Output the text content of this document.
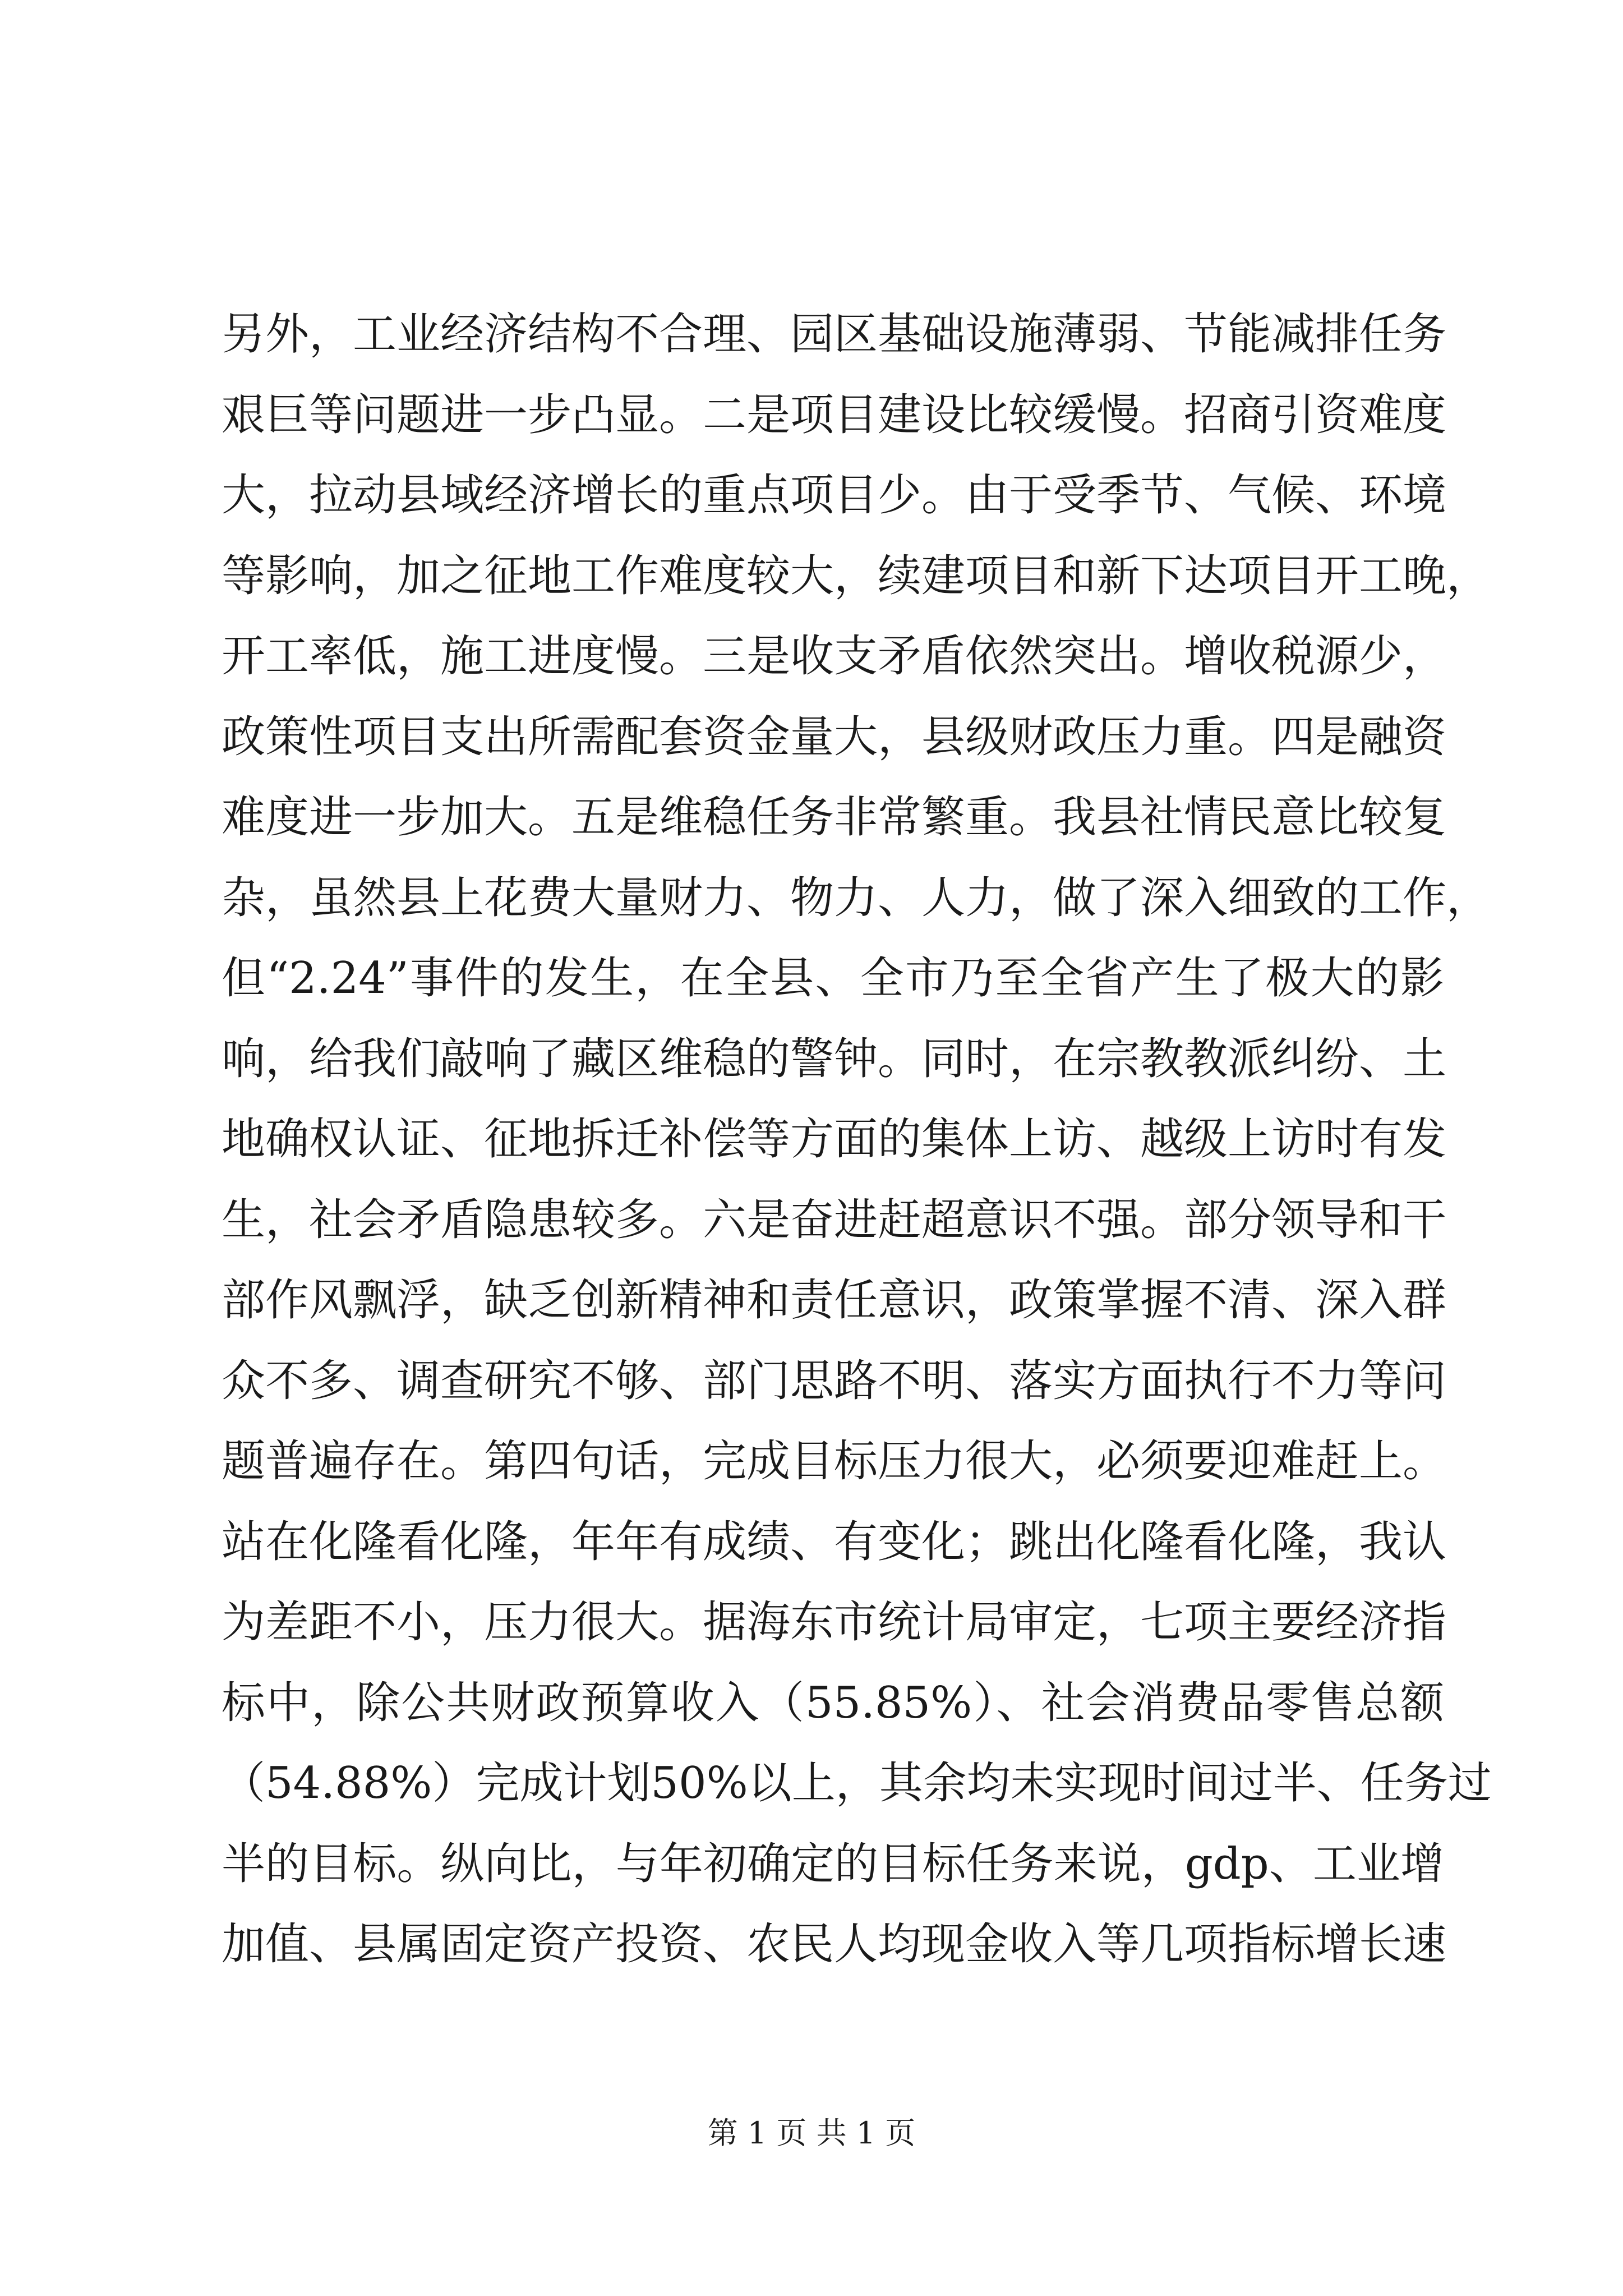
另外，工业经济结构不合理、园区基础设施薄弱、节能减排任务
艰巨等问题进一步凸显。二是项目建设比较缓慢。招商引资难度
大，拉动县域经济增长的重点项目少。由于受季节、气候、环境
等影响，加之征地工作难度较大，续建项目和新下达项目开工晚，
开工率低，施工进度慢。三是收支矛盾依然突出。增收税源少，
政策性项目支出所需配套资金量大，县级财政压力重。四是融资
难度进一步加大。五是维稳任务非常繁重。我县社情民意比较复
杂，虽然县上花费大量财力、物力、人力，做了深入细致的工作，
但“2.24”事件的发生，在全县、全市乃至全省产生了极大的影
响，给我们敲响了藏区维稳的警钟。同时，在宗教教派纠纷、土
地确权认证、征地拆迁补偿等方面的集体上访、越级上访时有发
生，社会矛盾隐患较多。六是奋进赶超意识不强。部分领导和干
部作风飘浮，缺乏创新精神和责任意识，政策掌握不清、深入群
众不多、调查研究不够、部门思路不明、落实方面执行不力等问
题普遍存在。第四句话，完成目标压力很大，必须要迎难赶上。
站在化隆看化隆，年年有成绩、有变化；跳出化隆看化隆，我认
为差距不小，压力很大。据海东市统计局审定，七项主要经济指
标中，除公共财政预算收入（55.85%）、社会消费品零售总额
（54.88%）完成计划50%以上，其余均未实现时间过半、任务过
半的目标。纵向比，与年初确定的目标任务来说，gdp、工业增
加值、县属固定资产投资、农民人均现金收入等几项指标增长速
第 1 页 共 1 页
